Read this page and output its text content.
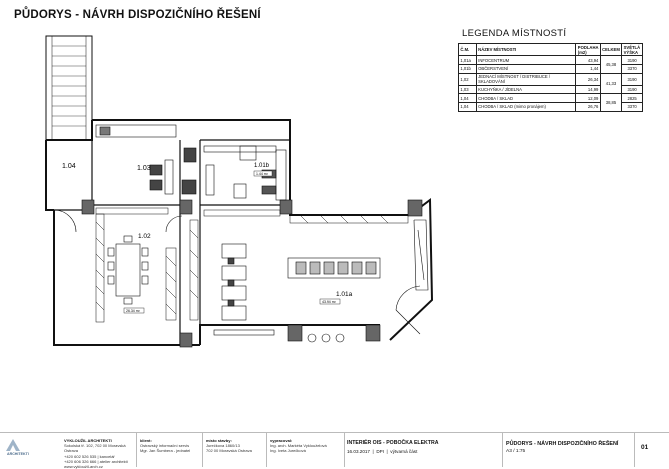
PŮDORYS - NÁVRH DISPOZIČNÍHO ŘEŠENÍ
LEGENDA MÍSTNOSTÍ
Č.M.	NÁZEV MÍSTNOSTI	PODLAHA (m2)	CELKEM	SVĚTLÁ VÝŠKA
1,01a	INFOCENTRUM	43,94	45,38	3190
1,01b	OBČERSTVENÍ	1,44		3370
1,02	JEDNACÍ MÍSTNOST / DISTRIBUCE / SKLADOVÁNÍ	26,34	41,33	3190
1,03	KUCHYŇKA / JÍDELNA	14,99		3190
1,04	CHODBA / SKLAD	12,09	38,85	2825
1,04	CHODBA / SKLAD (mimo pronájem)	26,76		3370
1.04	1.03	1.01b
1.02
1.01a
1.44 m²
26.34 m²
43.94 m²
ARCHITEKTI
VYKLOUŽIL ARCHITEKTI
Sokolská tř. 102, 702 00 Moravská Ostrava
+420 602 526 535 | kancelář
+420 606 326 666 | atelier architekti
www.vykloužil-arch.cz
klient:
Ostravský informační servis
Mgr. Jan Šumbera - jednatel
místo stavby:
Jurečkova 1860/13
702 00 Moravská Ostrava
vypracoval:
Ing. arch. Markéta Vyklouželová
Ing. Iveta Jurečková
INTERIÉR OIS - POBOČKA ELEKTRA
16.03.2017  |  DPI  |  výtvarná část
PŮDORYS - NÁVRH DISPOZIČNÍHO ŘEŠENÍ
A3 / 1:75
01
